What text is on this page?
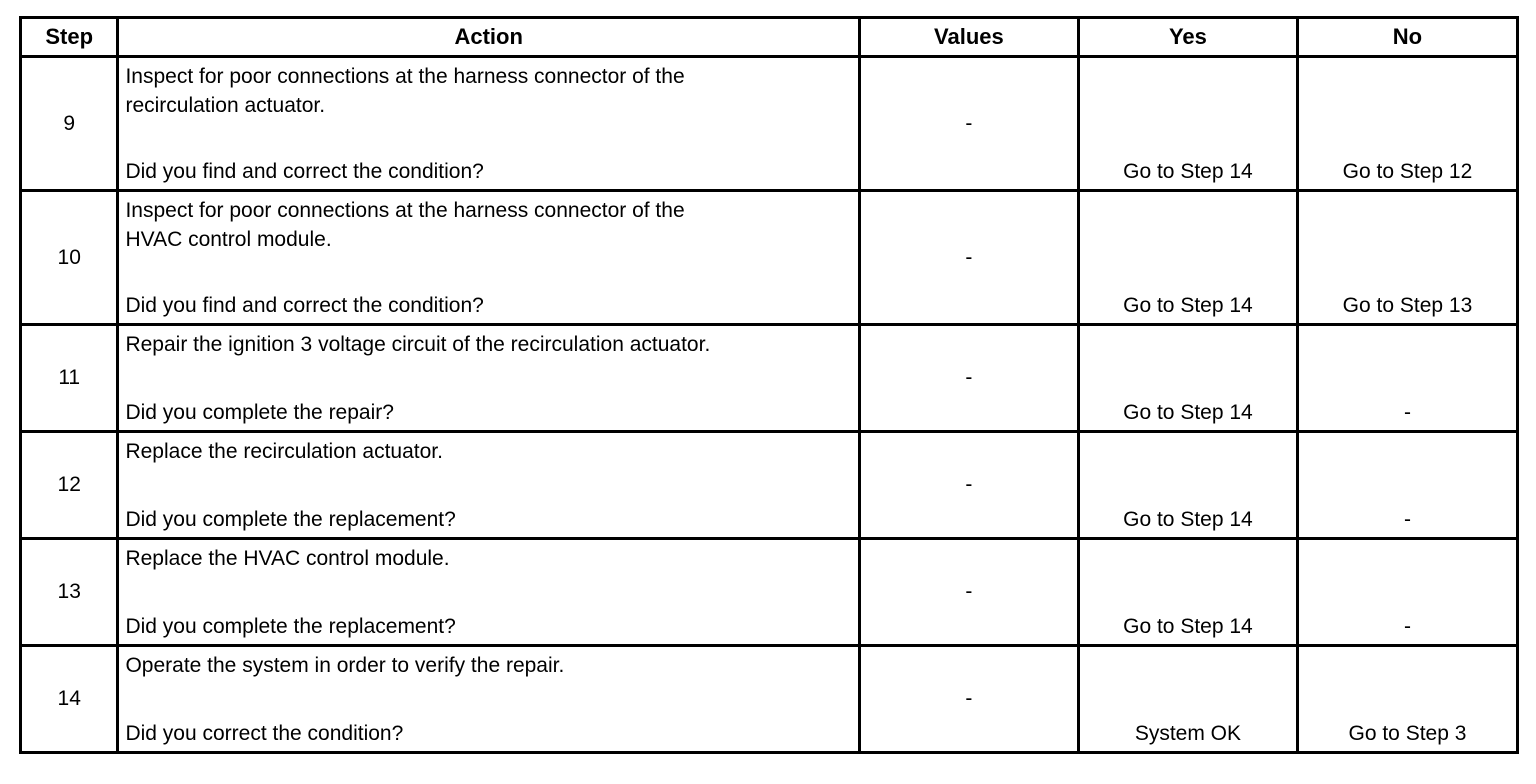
Step	Action	Values	Yes	No
9	Inspect for poor connections at the harness connector of the
recirculation actuator.
Did you find and correct the condition?	-	Go to Step 14	Go to Step 12

10	Inspect for poor connections at the harness connector of the
HVAC control module.
Did you find and correct the condition?	-	Go to Step 14	Go to Step 13

11	Repair the ignition 3 voltage circuit of the recirculation actuator.
Did you complete the repair?	-	Go to Step 14	-

12	Replace the recirculation actuator.
Did you complete the replacement?	-	Go to Step 14	-

13	Replace the HVAC control module.
Did you complete the replacement?	-	Go to Step 14	-

14	Operate the system in order to verify the repair.
Did you correct the condition?	-	System OK	Go to Step 3
